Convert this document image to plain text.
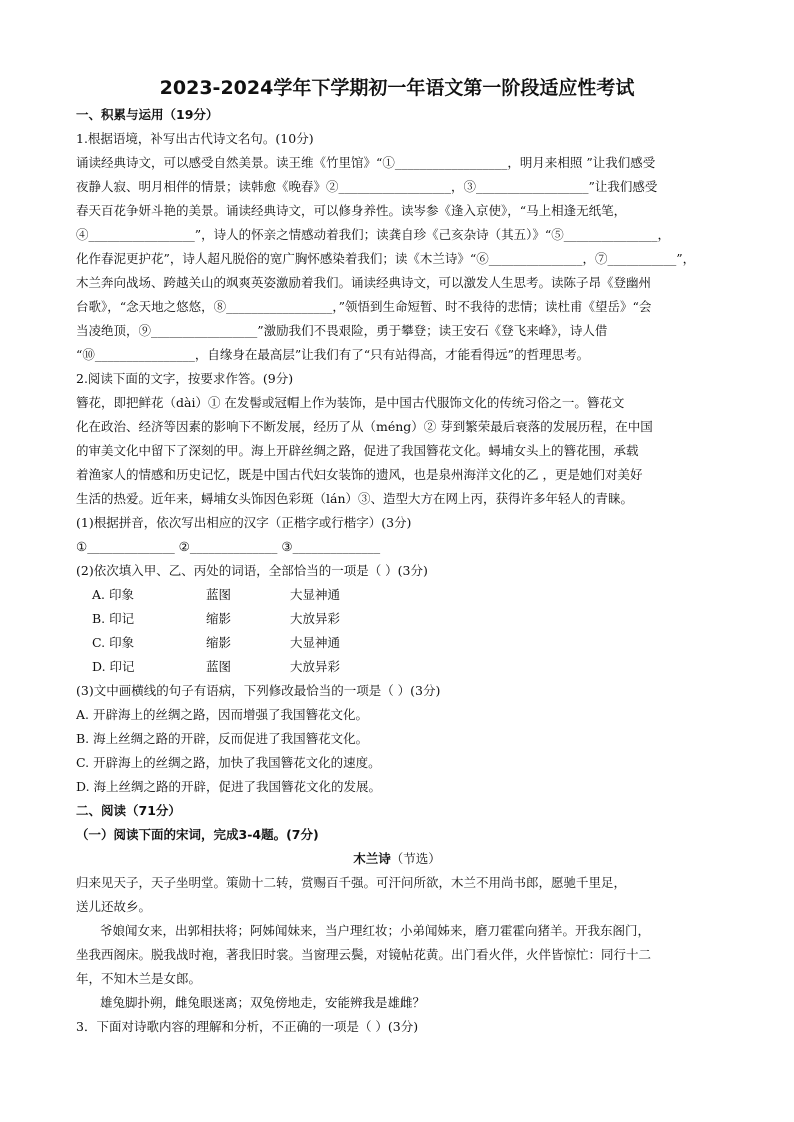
2023-2024学年下学期初一年语文第一阶段适应性考试
一、积累与运用（19分）
1.根据语境，补写出古代诗文名句。(10分)
诵读经典诗文，可以感受自然美景。读王维《竹里馆》“①__________________，明月来相照 ”让我们感受
夜静人寂、明月相伴的情景；读韩愈《晚春》②__________________，③__________________”让我们感受
春天百花争妍斗艳的美景。诵读经典诗文，可以修身养性。读岑参《逢入京使》，“马上相逢无纸笔，
④_________________”，诗人的怀亲之情感动着我们；读龚自珍《己亥杂诗（其五）》“⑤_______________，
化作春泥更护花”，诗人超凡脱俗的宽广胸怀感染着我们；读《木兰诗》“⑥_______________，⑦___________”，
木兰奔向战场、跨越关山的飒爽英姿激励着我们。诵读经典诗文，可以激发人生思考。读陈子昂《登幽州
台歌》，“念天地之悠悠，⑧_________________，”领悟到生命短暂、时不我待的悲情；读杜甫《望岳》“会
当凌绝顶，⑨_________________”激励我们不畏艰险，勇于攀登；读王安石《登飞来峰》，诗人借
“⑩________________，自缘身在最高层”让我们有了“只有站得高，才能看得远”的哲理思考。
2.阅读下面的文字，按要求作答。(9分)
簪花，即把鲜花（dài）① 在发髻或冠帽上作为装饰，是中国古代服饰文化的传统习俗之一。簪花文
化在政治、经济等因素的影响下不断发展，经历了从（méng）② 芽到繁荣最后衰落的发展历程，在中国
的审美文化中留下了深刻的甲。海上开辟丝绸之路，促进了我国簪花文化。蟳埔女头上的簪花围，承载
着渔家人的情感和历史记忆，既是中国古代妇女装饰的遗风，也是泉州海洋文化的乙 ，更是她们对美好
生活的热爱。近年来，蟳埔女头饰因色彩斑（lán）③、造型大方在网上丙，获得许多年轻人的青睐。
(1)根据拼音，依次写出相应的汉字（正楷字或行楷字）(3分)
①______________ ②______________ ③______________
(2)依次填入甲、乙、丙处的词语，全部恰当的一项是（ ）(3分)
A. 印象	蓝图	大显神通
B. 印记	缩影	大放异彩
C. 印象	缩影	大显神通
D. 印记	蓝图	大放异彩
(3)文中画横线的句子有语病，下列修改最恰当的一项是（ ）(3分)
A. 开辟海上的丝绸之路，因而增强了我国簪花文化。
B. 海上丝绸之路的开辟，反而促进了我国簪花文化。
C. 开辟海上的丝绸之路，加快了我国簪花文化的速度。
D. 海上丝绸之路的开辟，促进了我国簪花文化的发展。
二、阅读（71分）
（一）阅读下面的宋词，完成3-4题。(7分)
木兰诗（节选）
归来见天子，天子坐明堂。策勋十二转，赏赐百千强。可汗问所欲，木兰不用尚书郎，愿驰千里足，
送儿还故乡。
爷娘闻女来，出郭相扶将；阿姊闻妹来，当户理红妆；小弟闻姊来，磨刀霍霍向猪羊。开我东阁门，
坐我西阁床。脱我战时袍，著我旧时裳。当窗理云鬓，对镜帖花黄。出门看火伴，火伴皆惊忙：同行十二
年，不知木兰是女郎。
雄兔脚扑朔，雌兔眼迷离；双兔傍地走，安能辨我是雄雌？
3．下面对诗歌内容的理解和分析，不正确的一项是（ ）(3分)
